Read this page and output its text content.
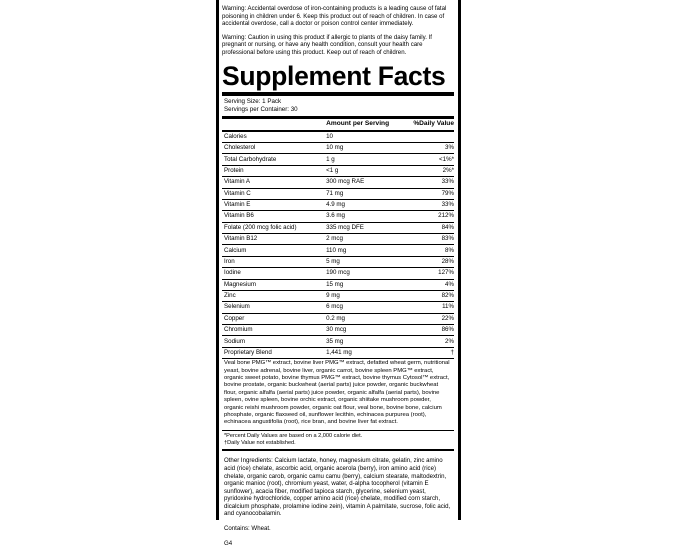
Warning: Accidental overdose of iron-containing products is a leading cause of fatal poisoning in children under 6. Keep this product out of reach of children. In case of accidental overdose, call a doctor or poison control center immediately.

Warning: Caution in using this product if allergic to plants of the daisy family. If pregnant or nursing, or have any health condition, consult your health care professional before using this product. Keep out of reach of children.

Supplement Facts
Serving Size: 1 Pack
Servings per Container: 30
	Amount per Serving	%Daily Value
Calories	10	
Cholesterol	10 mg	3%
Total Carbohydrate	1 g	<1%*
Protein	<1 g	2%*
Vitamin A	300 mcg RAE	33%
Vitamin C	71 mg	79%
Vitamin E	4.9 mg	33%
Vitamin B6	3.6 mg	212%
Folate (200 mcg folic acid)	335 mcg DFE	84%
Vitamin B12	2 mcg	83%
Calcium	110 mg	8%
Iron	5 mg	28%
Iodine	190 mcg	127%
Magnesium	15 mg	4%
Zinc	9 mg	82%
Selenium	6 mcg	11%
Copper	0.2 mg	22%
Chromium	30 mcg	86%
Sodium	35 mg	2%
Proprietary Blend	1,441 mg	†
Veal bone PMG™ extract, bovine liver PMG™ extract, defatted wheat germ, nutritional yeast, bovine adrenal, bovine liver, organic carrot, bovine spleen PMG™ extract, organic sweet potato, bovine thymus PMG™ extract, bovine thymus Cytosol™ extract, bovine prostate, organic buckwheat (aerial parts) juice powder, organic buckwheat flour, organic alfalfa (aerial parts) juice powder, organic alfalfa (aerial parts), bovine spleen, ovine spleen, bovine orchic extract, organic shiitake mushroom powder, organic reishi mushroom powder, organic oat flour, veal bone, bovine bone, calcium phosphate, organic flaxseed oil, sunflower lecithin, echinacea purpurea (root), echinacea angustifolia (root), rice bran, and bovine liver fat extract.
*Percent Daily Values are based on a 2,000 calorie diet.
†Daily Value not established.
Other Ingredients: Calcium lactate, honey, magnesium citrate, gelatin, zinc amino acid (rice) chelate, ascorbic acid, organic acerola (berry), iron amino acid (rice) chelate, organic carob, organic camu camu (berry), calcium stearate, maltodextrin, organic manioc (root), chromium yeast, water, d-alpha tocopherol (vitamin E sunflower), acacia fiber, modified tapioca starch, glycerine, selenium yeast, pyridoxine hydrochloride, copper amino acid (rice) chelate, modified corn starch, dicalcium phosphate, prolamine iodine zein), vitamin A palmitate, sucrose, folic acid, and cyanocobalamin.
Contains: Wheat.
G4
